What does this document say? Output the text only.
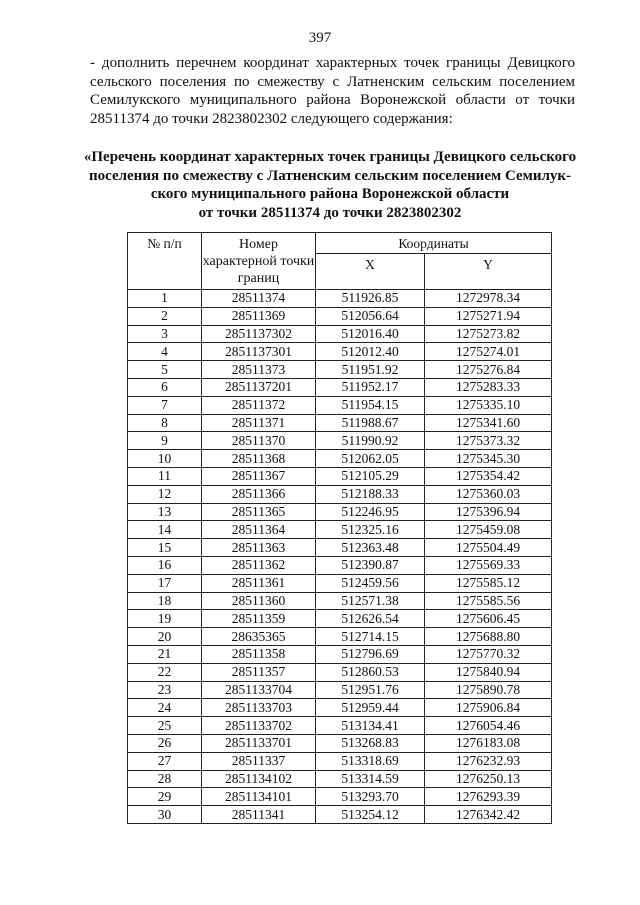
397

- дополнить перечнем координат характерных точек границы Девицкого сельского поселения по смежеству с Латненским сельским поселением Семилукского муниципального района Воронежской области от точки 28511374 до точки 2823802302 следующего содержания:

«Перечень координат характерных точек границы Девицкого сельского
поселения по смежеству с Латненским сельским поселением Семилук-
ского муниципального района Воронежской области
от точки 28511374 до точки 2823802302
№ п/п	Номер характерной точки границ	Координаты	
		X	Y
1	28511374	511926.85	1272978.34
2	28511369	512056.64	1275271.94
3	2851137302	512016.40	1275273.82
4	2851137301	512012.40	1275274.01
5	28511373	511951.92	1275276.84
6	2851137201	511952.17	1275283.33
7	28511372	511954.15	1275335.10
8	28511371	511988.67	1275341.60
9	28511370	511990.92	1275373.32
10	28511368	512062.05	1275345.30
11	28511367	512105.29	1275354.42
12	28511366	512188.33	1275360.03
13	28511365	512246.95	1275396.94
14	28511364	512325.16	1275459.08
15	28511363	512363.48	1275504.49
16	28511362	512390.87	1275569.33
17	28511361	512459.56	1275585.12
18	28511360	512571.38	1275585.56
19	28511359	512626.54	1275606.45
20	28635365	512714.15	1275688.80
21	28511358	512796.69	1275770.32
22	28511357	512860.53	1275840.94
23	2851133704	512951.76	1275890.78
24	2851133703	512959.44	1275906.84
25	2851133702	513134.41	1276054.46
26	2851133701	513268.83	1276183.08
27	28511337	513318.69	1276232.93
28	2851134102	513314.59	1276250.13
29	2851134101	513293.70	1276293.39
30	28511341	513254.12	1276342.42
